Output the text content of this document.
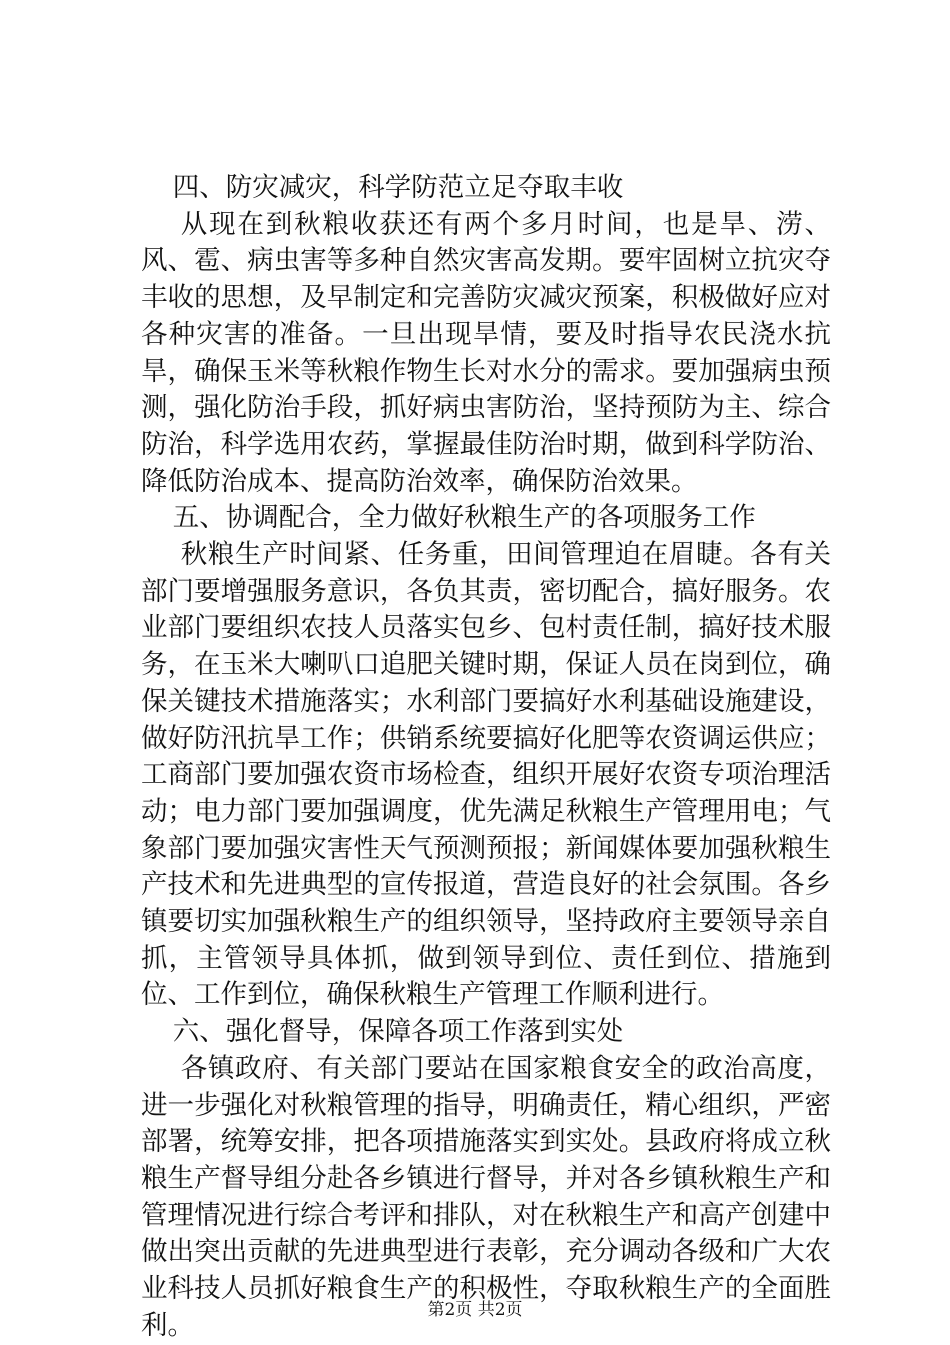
四、防灾减灾，科学防范立足夺取丰收

从现在到秋粮收获还有两个多月时间，也是旱、涝、风、雹、病虫害等多种自然灾害高发期。要牢固树立抗灾夺丰收的思想，及早制定和完善防灾减灾预案，积极做好应对各种灾害的准备。一旦出现旱情，要及时指导农民浇水抗旱，确保玉米等秋粮作物生长对水分的需求。要加强病虫预测，强化防治手段，抓好病虫害防治，坚持预防为主、综合防治，科学选用农药，掌握最佳防治时期，做到科学防治、降低防治成本、提高防治效率，确保防治效果。

五、协调配合，全力做好秋粮生产的各项服务工作

秋粮生产时间紧、任务重，田间管理迫在眉睫。各有关部门要增强服务意识，各负其责，密切配合，搞好服务。农业部门要组织农技人员落实包乡、包村责任制，搞好技术服务，在玉米大喇叭口追肥关键时期，保证人员在岗到位，确保关键技术措施落实；水利部门要搞好水利基础设施建设，做好防汛抗旱工作；供销系统要搞好化肥等农资调运供应；工商部门要加强农资市场检查，组织开展好农资专项治理活动；电力部门要加强调度，优先满足秋粮生产管理用电；气象部门要加强灾害性天气预测预报；新闻媒体要加强秋粮生产技术和先进典型的宣传报道，营造良好的社会氛围。各乡镇要切实加强秋粮生产的组织领导，坚持政府主要领导亲自抓，主管领导具体抓，做到领导到位、责任到位、措施到位、工作到位，确保秋粮生产管理工作顺利进行。

六、强化督导，保障各项工作落到实处

各镇政府、有关部门要站在国家粮食安全的政治高度，进一步强化对秋粮管理的指导，明确责任，精心组织，严密部署，统筹安排，把各项措施落实到实处。县政府将成立秋粮生产督导组分赴各乡镇进行督导，并对各乡镇秋粮生产和管理情况进行综合考评和排队，对在秋粮生产和高产创建中做出突出贡献的先进典型进行表彰，充分调动各级和广大农业科技人员抓好粮食生产的积极性，夺取秋粮生产的全面胜利。	第2页 共2页
